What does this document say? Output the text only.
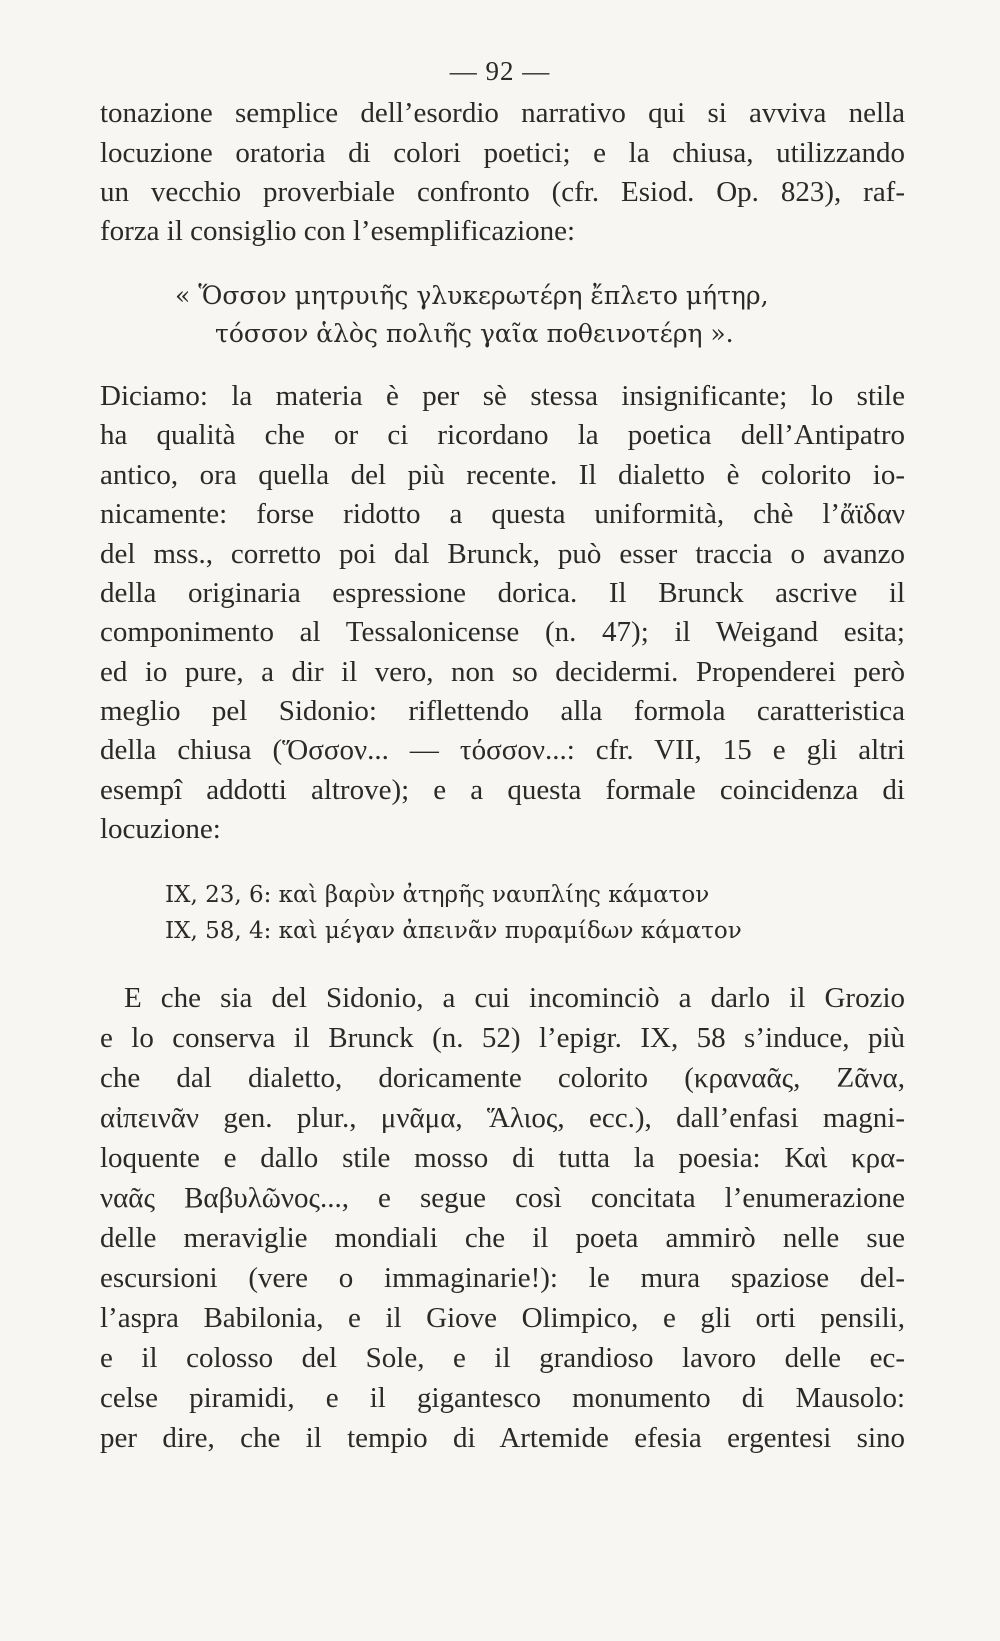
— 92 —
tonazione semplice dell’esordio narrativo qui si avviva nella
locuzione oratoria di colori poetici; e la chiusa, utilizzando
un vecchio proverbiale confronto (cfr. Esiod. Op. 823), raf-
forza il consiglio con l’esemplificazione:
« Ὅσσον μητρυιῆς γλυκερωτέρη ἔπλετο μήτηρ,
τόσσον ἁλὸς πολιῆς γαῖα ποθεινοτέρη ».
Diciamo: la materia è per sè stessa insignificante; lo stile
ha qualità che or ci ricordano la poetica dell’Antipatro
antico, ora quella del più recente. Il dialetto è colorito io-
nicamente: forse ridotto a questa uniformità, chè l’ἄϊδαν
del mss., corretto poi dal Brunck, può esser traccia o avanzo
della originaria espressione dorica. Il Brunck ascrive il
componimento al Tessalonicense (n. 47); il Weigand esita;
ed io pure, a dir il vero, non so decidermi. Propenderei però
meglio pel Sidonio: riflettendo alla formola caratteristica
della chiusa (Ὅσσον... — τόσσον...: cfr. VII, 15 e gli altri
esempî addotti altrove); e a questa formale coincidenza di
locuzione:
IX, 23, 6: καὶ βαρὺν ἀτηρῆς ναυπλίης κάματον
IX, 58, 4: καὶ μέγαν ἀπεινᾶν πυραμίδων κάματον
E che sia del Sidonio, a cui incominciò a darlo il Grozio
e lo conserva il Brunck (n. 52) l’epigr. IX, 58 s’induce, più
che dal dialetto, doricamente colorito (κραναᾶς, Ζᾶνα,
αἰπεινᾶν gen. plur., μνᾶμα, Ἅλιος, ecc.), dall’enfasi magni-
loquente e dallo stile mosso di tutta la poesia: Καὶ κρα-
ναᾶς Βαβυλῶνος..., e segue così concitata l’enumerazione
delle meraviglie mondiali che il poeta ammirò nelle sue
escursioni (vere o immaginarie!): le mura spaziose del-
l’aspra Babilonia, e il Giove Olimpico, e gli orti pensili,
e il colosso del Sole, e il grandioso lavoro delle ec-
celse piramidi, e il gigantesco monumento di Mausolo:
per dire, che il tempio di Artemide efesia ergentesi sino
